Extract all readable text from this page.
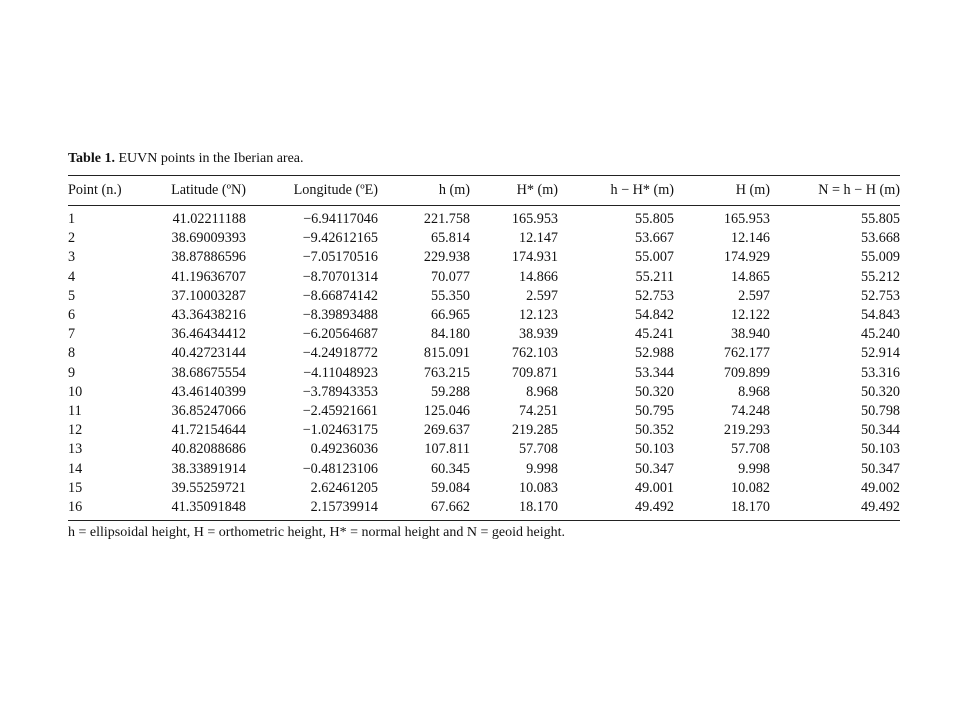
Table 1. EUVN points in the Iberian area.
Point (n.)	Latitude (ºN)	Longitude (ºE)	h (m)	H* (m)	h − H* (m)	H (m)	N = h − H (m)
1	41.02211188	−6.94117046	221.758	165.953	55.805	165.953	55.805
2	38.69009393	−9.42612165	65.814	12.147	53.667	12.146	53.668
3	38.87886596	−7.05170516	229.938	174.931	55.007	174.929	55.009
4	41.19636707	−8.70701314	70.077	14.866	55.211	14.865	55.212
5	37.10003287	−8.66874142	55.350	2.597	52.753	2.597	52.753
6	43.36438216	−8.39893488	66.965	12.123	54.842	12.122	54.843
7	36.46434412	−6.20564687	84.180	38.939	45.241	38.940	45.240
8	40.42723144	−4.24918772	815.091	762.103	52.988	762.177	52.914
9	38.68675554	−4.11048923	763.215	709.871	53.344	709.899	53.316
10	43.46140399	−3.78943353	59.288	8.968	50.320	8.968	50.320
11	36.85247066	−2.45921661	125.046	74.251	50.795	74.248	50.798
12	41.72154644	−1.02463175	269.637	219.285	50.352	219.293	50.344
13	40.82088686	0.49236036	107.811	57.708	50.103	57.708	50.103
14	38.33891914	−0.48123106	60.345	9.998	50.347	9.998	50.347
15	39.55259721	2.62461205	59.084	10.083	49.001	10.082	49.002
16	41.35091848	2.15739914	67.662	18.170	49.492	18.170	49.492
h = ellipsoidal height, H = orthometric height, H* = normal height and N = geoid height.
